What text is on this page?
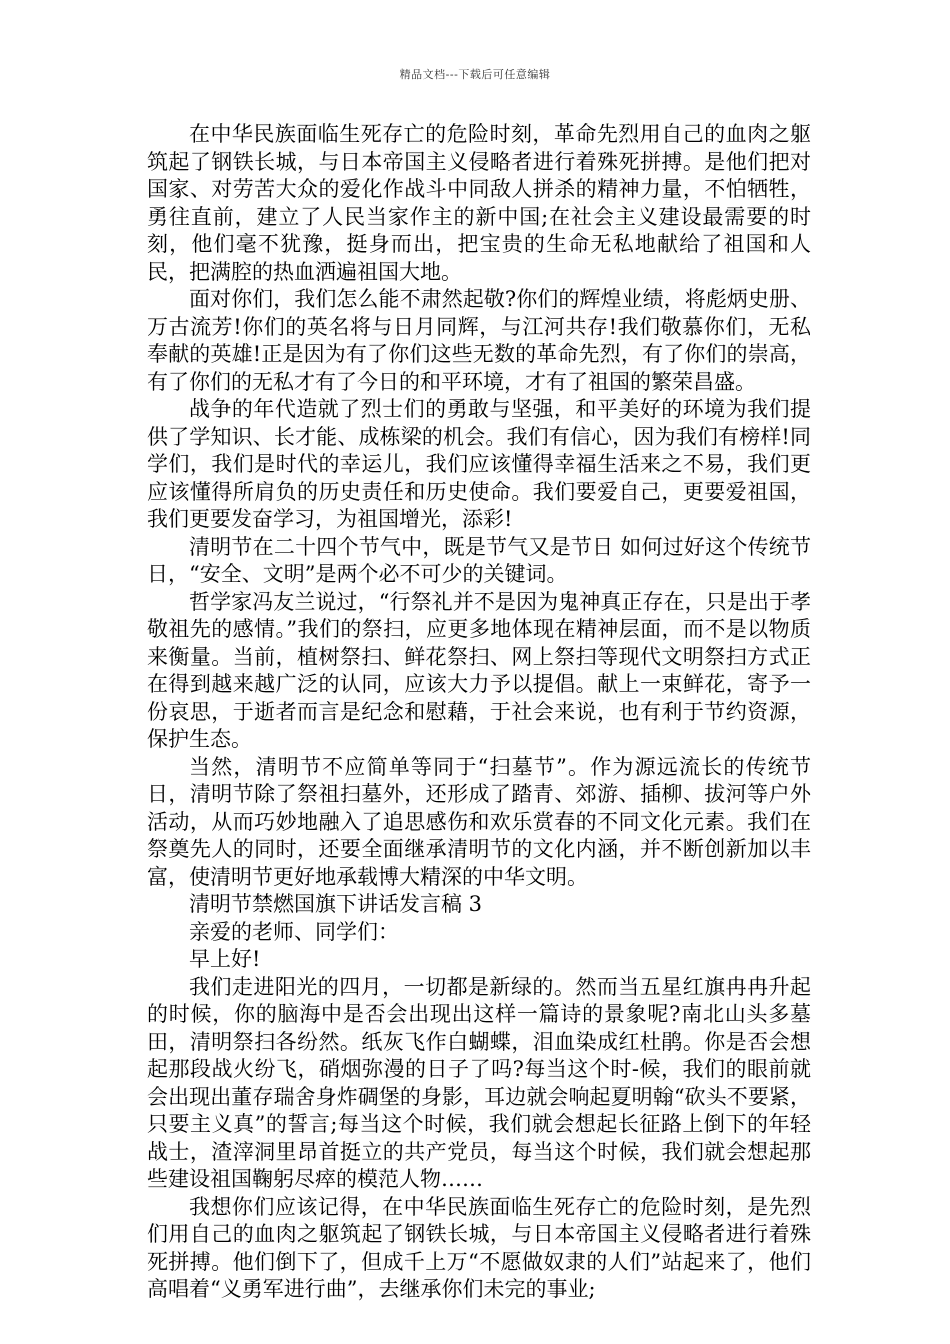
精品文档---下载后可任意编辑

在中华民族面临生死存亡的危险时刻，革命先烈用自己的血肉之躯筑起了钢铁长城，与日本帝国主义侵略者进行着殊死拼搏。是他们把对国家、对劳苦大众的爱化作战斗中同敌人拼杀的精神力量，不怕牺牲，勇往直前，建立了人民当家作主的新中国;在社会主义建设最需要的时刻，他们毫不犹豫，挺身而出，把宝贵的生命无私地献给了祖国和人民，把满腔的热血洒遍祖国大地。

面对你们，我们怎么能不肃然起敬?你们的辉煌业绩，将彪炳史册、万古流芳!你们的英名将与日月同辉，与江河共存!我们敬慕你们，无私奉献的英雄!正是因为有了你们这些无数的革命先烈，有了你们的崇高，有了你们的无私才有了今日的和平环境，才有了祖国的繁荣昌盛。

战争的年代造就了烈士们的勇敢与坚强，和平美好的环境为我们提供了学知识、长才能、成栋梁的机会。我们有信心，因为我们有榜样!同学们，我们是时代的幸运儿，我们应该懂得幸福生活来之不易，我们更应该懂得所肩负的历史责任和历史使命。我们要爱自己，更要爱祖国，我们更要发奋学习，为祖国增光，添彩!

清明节在二十四个节气中，既是节气又是节日 如何过好这个传统节日，“安全、文明”是两个必不可少的关键词。

哲学家冯友兰说过，“行祭礼并不是因为鬼神真正存在，只是出于孝敬祖先的感情。”我们的祭扫，应更多地体现在精神层面，而不是以物质来衡量。当前，植树祭扫、鲜花祭扫、网上祭扫等现代文明祭扫方式正在得到越来越广泛的认同，应该大力予以提倡。献上一束鲜花，寄予一份哀思，于逝者而言是纪念和慰藉，于社会来说，也有利于节约资源，保护生态。

当然，清明节不应简单等同于“扫墓节”。作为源远流长的传统节日，清明节除了祭祖扫墓外，还形成了踏青、郊游、插柳、拔河等户外活动，从而巧妙地融入了追思感伤和欢乐赏春的不同文化元素。我们在祭奠先人的同时，还要全面继承清明节的文化内涵，并不断创新加以丰富，使清明节更好地承载博大精深的中华文明。

清明节禁燃国旗下讲话发言稿 3

亲爱的老师、同学们：

早上好!

我们走进阳光的四月，一切都是新绿的。然而当五星红旗冉冉升起的时候，你的脑海中是否会出现出这样一篇诗的景象呢?南北山头多墓田，清明祭扫各纷然。纸灰飞作白蝴蝶，泪血染成红杜鹃。你是否会想起那段战火纷飞，硝烟弥漫的日子了吗?每当这个时-候，我们的眼前就会出现出董存瑞舍身炸碉堡的身影，耳边就会响起夏明翰“砍头不要紧，只要主义真”的誓言;每当这个时候，我们就会想起长征路上倒下的年轻战士，渣滓洞里昂首挺立的共产党员，每当这个时候，我们就会想起那些建设祖国鞠躬尽瘁的模范人物……

我想你们应该记得，在中华民族面临生死存亡的危险时刻，是先烈们用自己的血肉之躯筑起了钢铁长城，与日本帝国主义侵略者进行着殊死拼搏。他们倒下了，但成千上万“不愿做奴隶的人们”站起来了，他们高唱着“义勇军进行曲”，去继承你们未完的事业;
